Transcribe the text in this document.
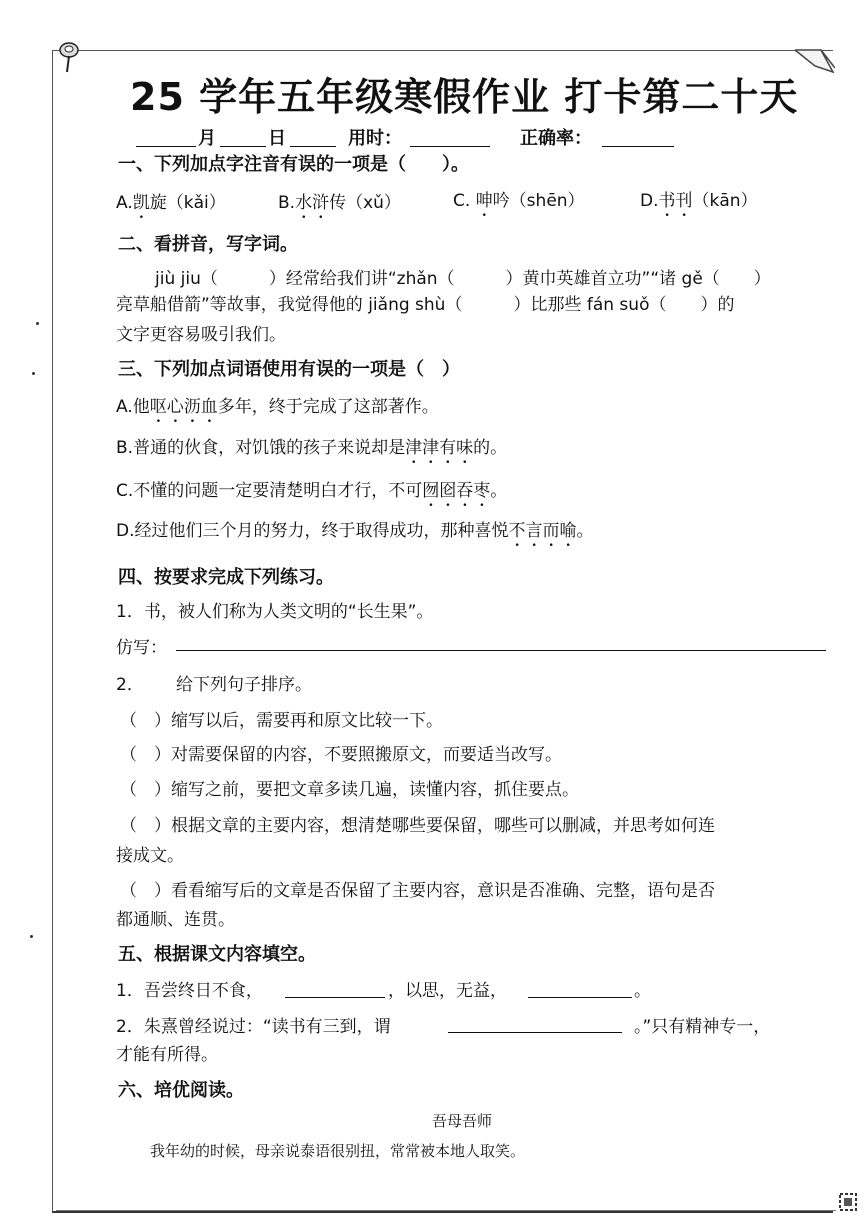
25 学年五年级寒假作业 打卡第二十天
月	日	用时：	正确率：
一、下列加点字注音有误的一项是（　　）。
A.凯旋（kǎi）	B.水浒传（xǔ）	C. 呻吟（shēn）	D.书刊（kān）
二、看拼音，写字词。
jiù jiu（　　　）经常给我们讲“zhǎn（　　　）黄巾英雄首立功”“诸 gě（　　）
亮草船借箭”等故事，我觉得他的 jiǎng shù（　　　）比那些 fán suǒ（　　）的
文字更容易吸引我们。
三、下列加点词语使用有误的一项是（　）
A.他呕心沥血多年，终于完成了这部著作。
B.普通的伙食，对饥饿的孩子来说却是津津有味的。
C.不懂的问题一定要清楚明白才行，不可囫囵吞枣。
D.经过他们三个月的努力，终于取得成功，那种喜悦不言而喻。
四、按要求完成下列练习。
1．书，被人们称为人类文明的“长生果”。
仿写：
2． 给下列句子排序。
（　）缩写以后，需要再和原文比较一下。
（　）对需要保留的内容，不要照搬原文，而要适当改写。
（　）缩写之前，要把文章多读几遍，读懂内容，抓住要点。
（　）根据文章的主要内容，想清楚哪些要保留，哪些可以删减，并思考如何连
接成文。
（　）看看缩写后的文章是否保留了主要内容，意识是否准确、完整，语句是否
都通顺、连贯。
五、根据课文内容填空。
1．吾尝终日不食，	，以思，无益，	。
2．朱熹曾经说过：“读书有三到，谓	。”只有精神专一，
才能有所得。
六、培优阅读。
吾母吾师
我年幼的时候，母亲说泰语很别扭，常常被本地人取笑。
